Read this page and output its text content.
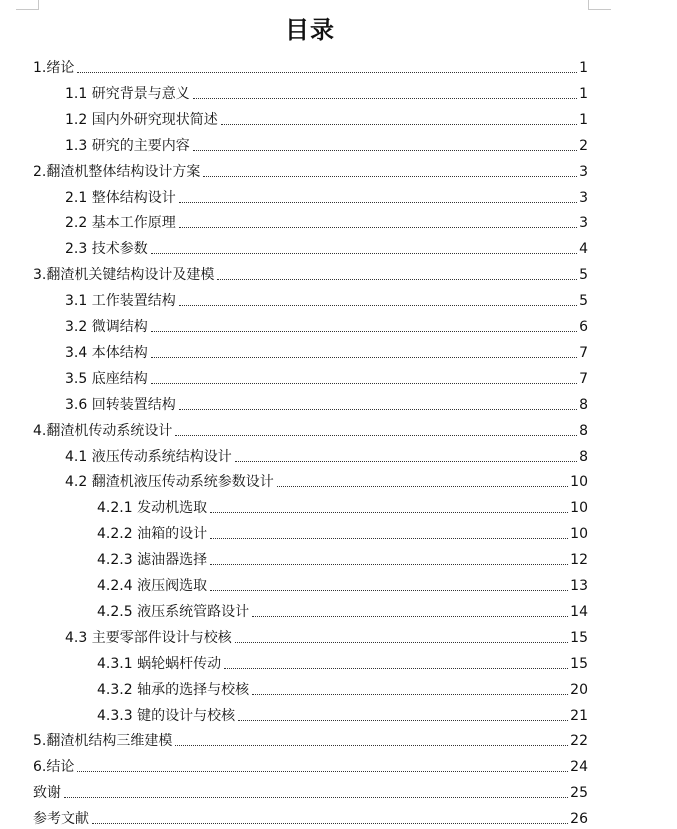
目录
1.绪论	1
1.1 研究背景与意义	1
1.2 国内外研究现状简述	1
1.3 研究的主要内容	2
2.翻渣机整体结构设计方案	3
2.1 整体结构设计	3
2.2 基本工作原理	3
2.3 技术参数	4
3.翻渣机关键结构设计及建模	5
3.1 工作装置结构	5
3.2 微调结构	6
3.4 本体结构	7
3.5 底座结构	7
3.6 回转装置结构	8
4.翻渣机传动系统设计	8
4.1 液压传动系统结构设计	8
4.2 翻渣机液压传动系统参数设计	10
4.2.1 发动机选取	10
4.2.2 油箱的设计	10
4.2.3 滤油器选择	12
4.2.4 液压阀选取	13
4.2.5 液压系统管路设计	14
4.3 主要零部件设计与校核	15
4.3.1 蜗轮蜗杆传动	15
4.3.2 轴承的选择与校核	20
4.3.3 键的设计与校核	21
5.翻渣机结构三维建模	22
6.结论	24
致谢	25
参考文献	26
